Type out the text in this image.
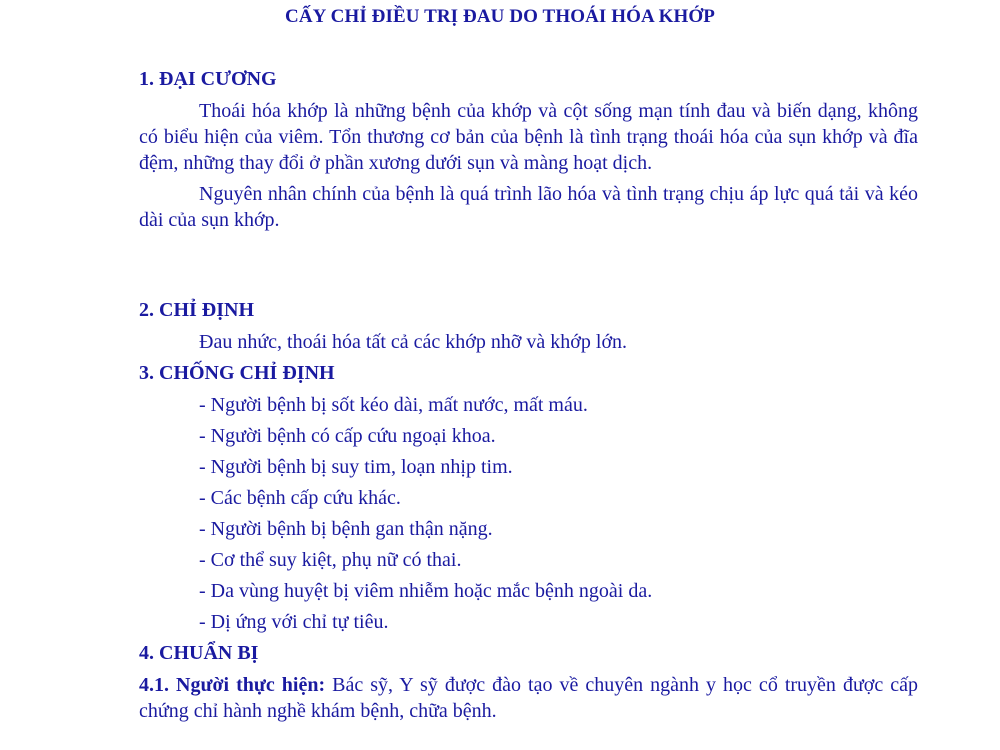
CẤY CHỈ ĐIỀU TRỊ ĐAU DO THOÁI HÓA KHỚP
1. ĐẠI CƯƠNG

Thoái hóa khớp là những bệnh của khớp và cột sống mạn tính đau và biến dạng, không có biểu hiện của viêm. Tổn thương cơ bản của bệnh là tình trạng thoái hóa của sụn khớp và đĩa đệm, những thay đổi ở phần xương dưới sụn và màng hoạt dịch.

Nguyên nhân chính của bệnh là quá trình lão hóa và tình trạng chịu áp lực quá tải và kéo dài của sụn khớp.

2. CHỈ ĐỊNH

Đau nhức, thoái hóa tất cả các khớp nhỡ và khớp lớn.

3. CHỐNG CHỈ ĐỊNH

- Người bệnh bị sốt kéo dài, mất nước, mất máu.

- Người bệnh có cấp cứu ngoại khoa.

- Người bệnh bị suy tim, loạn nhịp tim.

- Các bệnh cấp cứu khác.

- Người bệnh bị bệnh gan thận nặng.

- Cơ thể suy kiệt, phụ nữ có thai.

- Da vùng huyệt bị viêm nhiễm hoặc mắc bệnh ngoài da.

- Dị ứng với chỉ tự tiêu.

4. CHUẨN BỊ

4.1. Người thực hiện: Bác sỹ, Y sỹ được đào tạo về chuyên ngành y học cổ truyền được cấp chứng chỉ hành nghề khám bệnh, chữa bệnh.
